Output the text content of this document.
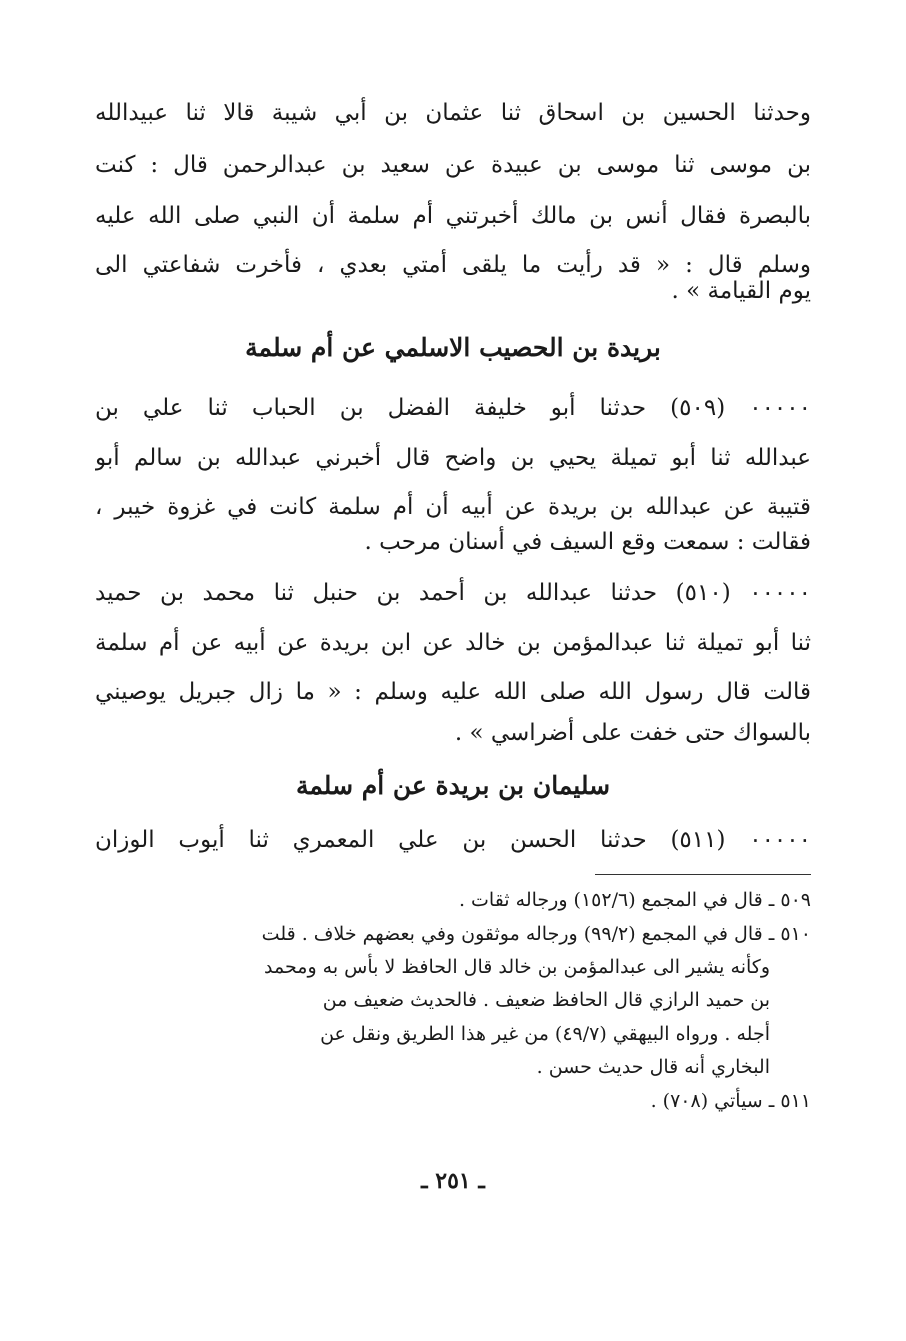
وحدثنا الحسين بن اسحاق ثنا عثمان بن أبي شيبة قالا ثنا عبيدالله
بن موسى ثنا موسى بن عبيدة عن سعيد بن عبدالرحمن قال : كنت
بالبصرة فقال أنس بن مالك أخبرتني أم سلمة أن النبي صلى الله عليه
وسلم قال : « قد رأيت ما يلقى أمتي بعدي ، فأخرت شفاعتي الى
يوم القيامة » .
بريدة بن الحصيب الاسلمي عن أم سلمة
٠٠٠٠٠ (٥٠٩) حدثنا أبو خليفة الفضل بن الحباب ثنا علي بن
عبدالله ثنا أبو تميلة يحيي بن واضح قال أخبرني عبدالله بن سالم أبو
قتيبة عن عبدالله بن بريدة عن أبيه أن أم سلمة كانت في غزوة خيبر ،
فقالت : سمعت وقع السيف في أسنان مرحب .
٠٠٠٠٠ (٥١٠) حدثنا عبدالله بن أحمد بن حنبل ثنا محمد بن حميد
ثنا أبو تميلة ثنا عبدالمؤمن بن خالد عن ابن بريدة عن أبيه عن أم سلمة
قالت قال رسول الله صلى الله عليه وسلم : « ما زال جبريل يوصيني
بالسواك حتى خفت على أضراسي » .
سليمان بن بريدة عن أم سلمة
٠٠٠٠٠ (٥١١) حدثنا الحسن بن علي المعمري ثنا أيوب الوزان
٥٠٩ ـ قال في المجمع (١٥٢/٦) ورجاله ثقات .
٥١٠ ـ قال في المجمع (٩٩/٢) ورجاله موثقون وفي بعضهم خلاف . قلت
وكأنه يشير الى عبدالمؤمن بن خالد قال الحافظ لا بأس به ومحمد
بن حميد الرازي قال الحافظ ضعيف . فالحديث ضعيف من
أجله . ورواه البيهقي (٤٩/٧) من غير هذا الطريق ونقل عن
البخاري أنه قال حديث حسن .
٥١١ ـ سيأتي (٧٠٨) .
ـ ٢٥١ ـ
